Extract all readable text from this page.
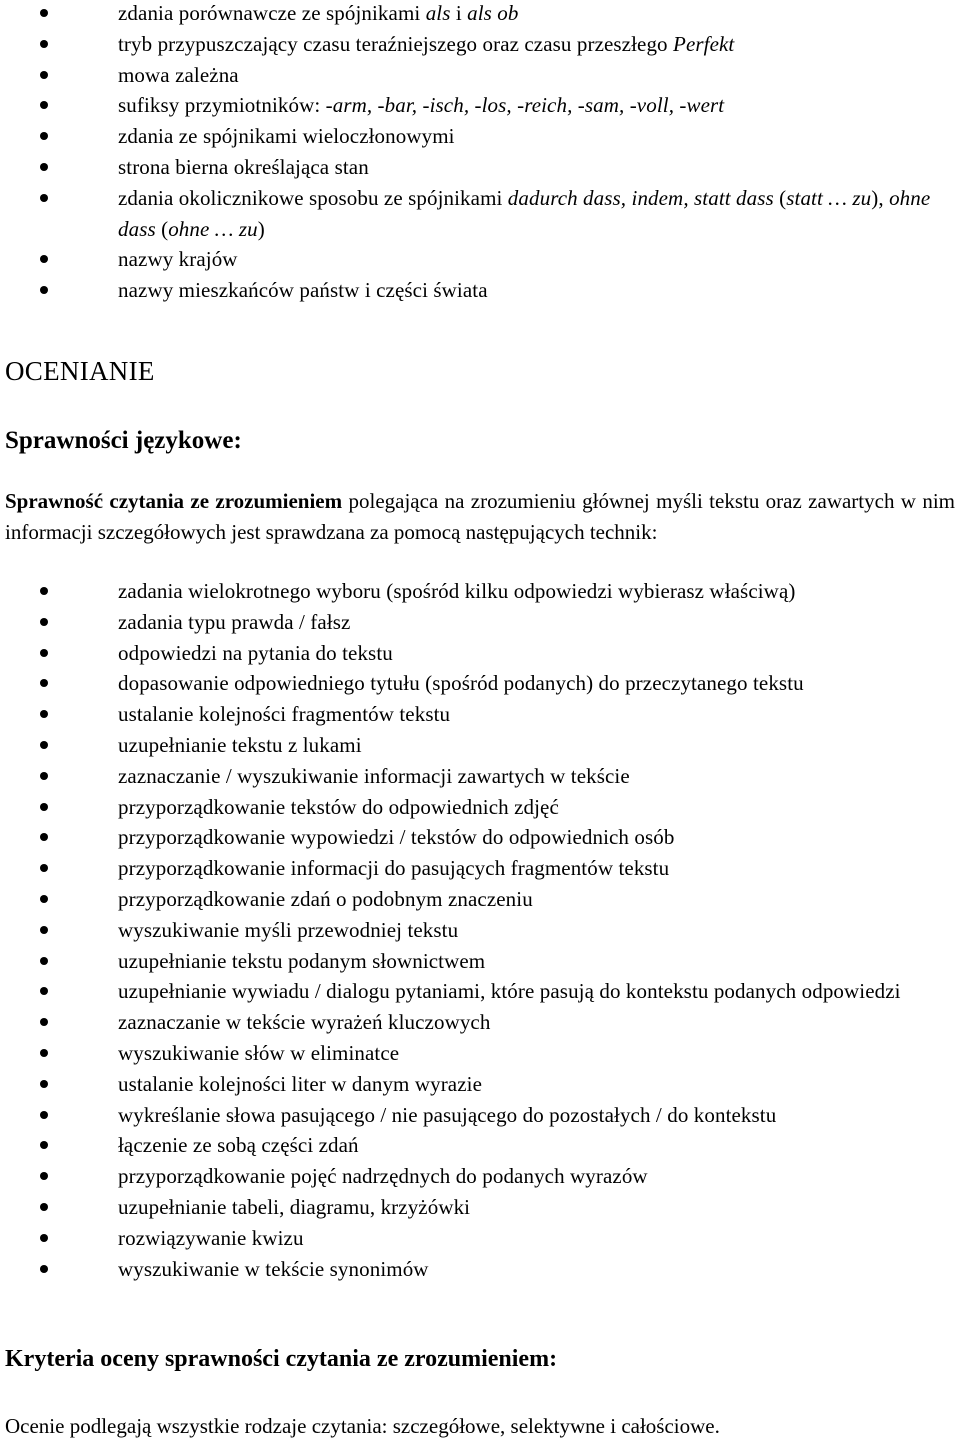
zdania porównawcze ze spójnikami als i als ob
tryb przypuszczający czasu teraźniejszego oraz czasu przeszłego Perfekt
mowa zależna
sufiksy przymiotników: -arm, -bar, -isch, -los, -reich, -sam, -voll, -wert
zdania ze spójnikami wieloczłonowymi
strona bierna określająca stan
zdania okolicznikowe sposobu ze spójnikami dadurch dass, indem, statt dass (statt … zu), ohne dass (ohne … zu)
nazwy krajów
nazwy mieszkańców państw i części świata
OCENIANIE
Sprawności językowe:
Sprawność czytania ze zrozumieniem polegająca na zrozumieniu głównej myśli tekstu oraz zawartych w nim informacji szczegółowych jest sprawdzana za pomocą następujących technik:
zadania wielokrotnego wyboru (spośród kilku odpowiedzi wybierasz właściwą)
zadania typu prawda / fałsz
odpowiedzi na pytania do tekstu
dopasowanie odpowiedniego tytułu (spośród podanych) do przeczytanego tekstu
ustalanie kolejności fragmentów tekstu
uzupełnianie tekstu z lukami
zaznaczanie / wyszukiwanie informacji zawartych w tekście
przyporządkowanie tekstów do odpowiednich zdjęć
przyporządkowanie wypowiedzi / tekstów do odpowiednich osób
przyporządkowanie informacji do pasujących fragmentów tekstu
przyporządkowanie zdań o podobnym znaczeniu
wyszukiwanie myśli przewodniej tekstu
uzupełnianie tekstu podanym słownictwem
uzupełnianie wywiadu / dialogu pytaniami, które pasują do kontekstu podanych odpowiedzi
zaznaczanie w tekście wyrażeń kluczowych
wyszukiwanie słów w eliminatce
ustalanie kolejności liter w danym wyrazie
wykreślanie słowa pasującego / nie pasującego do pozostałych / do kontekstu
łączenie ze sobą części zdań
przyporządkowanie pojęć nadrzędnych do podanych wyrazów
uzupełnianie tabeli, diagramu, krzyżówki
rozwiązywanie kwizu
wyszukiwanie w tekście synonimów
Kryteria oceny sprawności czytania ze zrozumieniem:
Ocenie podlegają wszystkie rodzaje czytania: szczegółowe, selektywne i całościowe.
